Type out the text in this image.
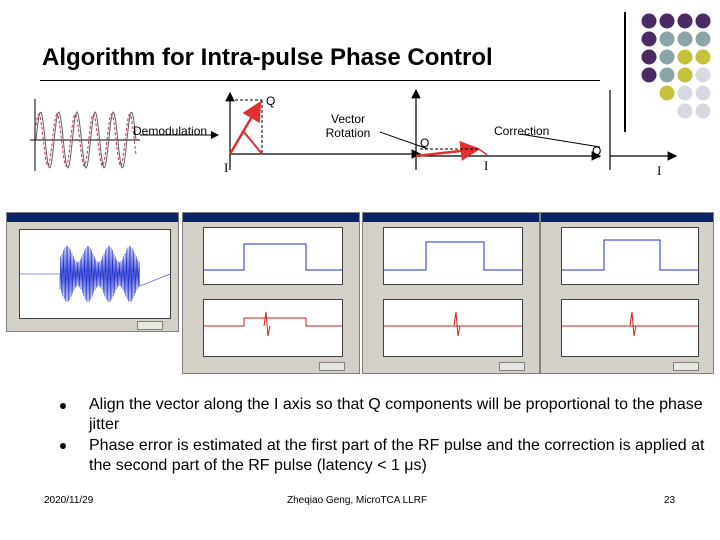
Algorithm for Intra-pulse Phase Control
Demodulation
Vector
Rotation	Correction
Q
I
Q
I
Q
I
Align the vector along the I axis so that Q components will be proportional to the phase jitter
Phase error is estimated at the first part of the RF pulse and the correction is applied at the second part of the RF pulse (latency < 1 μs)
2020/11/29	Zheqiao Geng, MicroTCA LLRF	23
